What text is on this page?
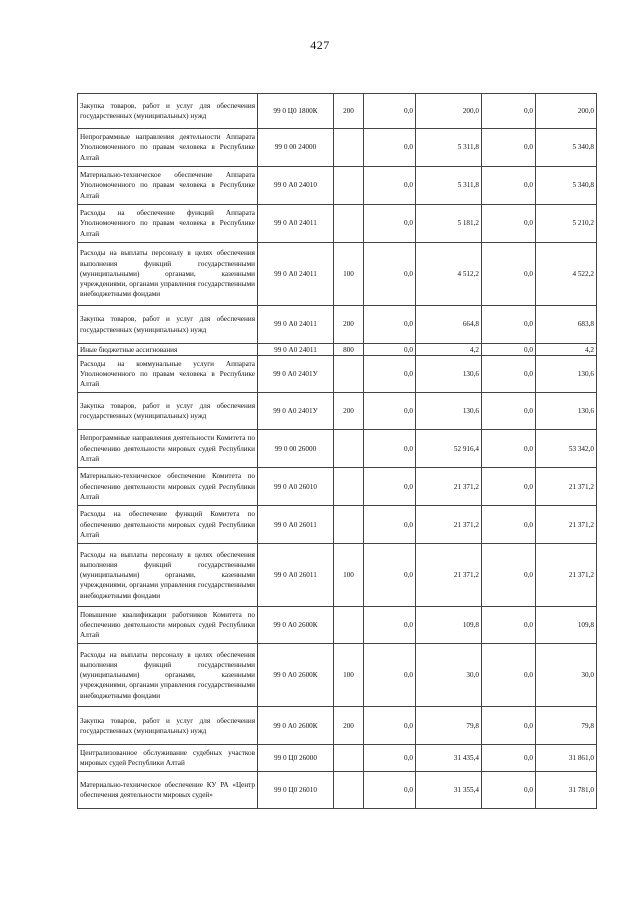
427
Закупка товаров, работ и услуг для обеспечения государственных (муниципальных) нужд	99 0 Ц0 1800К	200	0,0	200,0	0,0	200,0
Непрограммные направления деятельности Аппарата Уполномоченного по правам человека в Республике Алтай	99 0 00 24000		0,0	5 311,8	0,0	5 340,8
Материально-техническое обеспечение Аппарата Уполномоченного по правам человека в Республике Алтай	99 0 А0 24010		0,0	5 311,8	0,0	5 340,8
Расходы на обеспечение функций Аппарата Уполномоченного по правам человека в Республике Алтай	99 0 А0 24011		0,0	5 181,2	0,0	5 210,2
Расходы на выплаты персоналу в целях обеспечения выполнения функций государственными (муниципальными) органами, казенными учреждениями, органами управления государственными внебюджетными фондами	99 0 А0 24011	100	0,0	4 512,2	0,0	4 522,2
Закупка товаров, работ и услуг для обеспечения государственных (муниципальных) нужд	99 0 А0 24011	200	0,0	664,8	0,0	683,8
Иные бюджетные ассигнования	99 0 А0 24011	800	0,0	4,2	0,0	4,2
Расходы на коммунальные услуги Аппарата Уполномоченного по правам человека в Республике Алтай	99 0 А0 2401У		0,0	130,6	0,0	130,6
Закупка товаров, работ и услуг для обеспечения государственных (муниципальных) нужд	99 0 А0 2401У	200	0,0	130,6	0,0	130,6
Непрограммные направления деятельности Комитета по обеспечению деятельности мировых судей Республики Алтай	99 0 00 26000		0,0	52 916,4	0,0	53 342,0
Материально-техническое обеспечение Комитета по обеспечению деятельности мировых судей Республики Алтай	99 0 А0 26010		0,0	21 371,2	0,0	21 371,2
Расходы на обеспечение функций Комитета по обеспечению деятельности мировых судей Республики Алтай	99 0 А0 26011		0,0	21 371,2	0,0	21 371,2
Расходы на выплаты персоналу в целях обеспечения выполнения функций государственными (муниципальными) органами, казенными учреждениями, органами управления государственными внебюджетными фондами	99 0 А0 26011	100	0,0	21 371,2	0,0	21 371,2
Повышение квалификации работников Комитета по обеспечению деятельности мировых судей Республики Алтай	99 0 А0 2600К		0,0	109,8	0,0	109,8
Расходы на выплаты персоналу в целях обеспечения выполнения функций государственными (муниципальными) органами, казенными учреждениями, органами управления государственными внебюджетными фондами	99 0 А0 2600К	100	0,0	30,0	0,0	30,0
Закупка товаров, работ и услуг для обеспечения государственных (муниципальных) нужд	99 0 А0 2600К	200	0,0	79,8	0,0	79,8
Централизованное обслуживание судебных участков мировых судей Республики Алтай	99 0 Ц0 26000		0,0	31 435,4	0,0	31 861,0
Материально-техническое обеспечение КУ РА «Центр обеспечения деятельности мировых судей»	99 0 Ц0 26010		0,0	31 355,4	0,0	31 781,0
